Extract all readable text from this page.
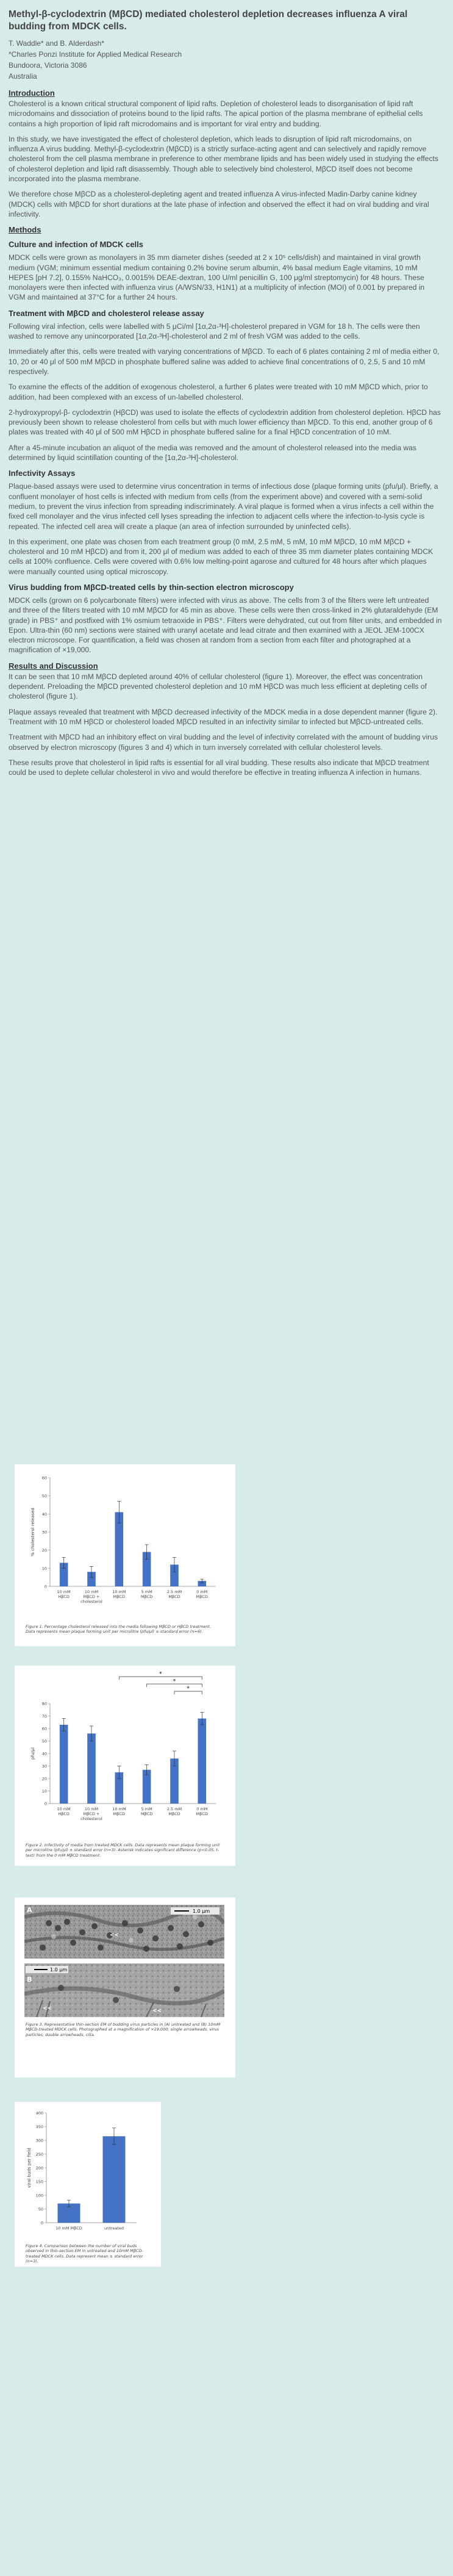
Methyl-β-cyclodextrin (MβCD) mediated cholesterol depletion decreases influenza A viral budding from MDCK cells.

T. Waddle* and B. Alderdash*

*Charles Ponzi Institute for Applied Medical Research

Bundoora, Victoria 3086

Australia

Introduction

Cholesterol is a known critical structural component of lipid rafts. Depletion of cholesterol leads to disorganisation of lipid raft microdomains and dissociation of proteins bound to the lipid rafts. The apical portion of the plasma membrane of epithelial cells contains a high proportion of lipid raft microdomains and is important for viral entry and budding.

In this study, we have investigated the effect of cholesterol depletion, which leads to disruption of lipid raft microdomains, on influenza A virus budding. Methyl-β-cyclodextrin (MβCD) is a strictly surface-acting agent and can selectively and rapidly remove cholesterol from the cell plasma membrane in preference to other membrane lipids and has been widely used in studying the effects of cholesterol depletion and lipid raft disassembly. Though able to selectively bind cholesterol, MβCD itself does not become incorporated into the plasma membrane.

We therefore chose MβCD as a cholesterol-depleting agent and treated influenza A virus-infected Madin-Darby canine kidney (MDCK) cells with MβCD for short durations at the late phase of infection and observed the effect it had on viral budding and viral infectivity.

Methods
Culture and infection of MDCK cells

MDCK cells were grown as monolayers in 35 mm diameter dishes (seeded at 2 x 10⁵ cells/dish) and maintained in viral growth medium (VGM; minimum essential medium containing 0.2% bovine serum albumin, 4% basal medium Eagle vitamins, 10 mM HEPES [pH 7.2], 0.155% NaHCO₃, 0.0015% DEAE-dextran, 100 U/ml penicillin G, 100 μg/ml streptomycin) for 48 hours. These monolayers were then infected with influenza virus (A/WSN/33, H1N1) at a multiplicity of infection (MOI) of 0.001 by prepared in VGM and maintained at 37°C for a further 24 hours.

Treatment with MβCD and cholesterol release assay

Following viral infection, cells were labelled with 5 μCi/ml [1α,2α-³H]-cholesterol prepared in VGM for 18 h. The cells were then washed to remove any unincorporated [1α,2α-³H]-cholesterol and 2 ml of fresh VGM was added to the cells.

Immediately after this, cells were treated with varying concentrations of MβCD. To each of 6 plates containing 2 ml of media either 0, 10, 20 or 40 μl of 500 mM MβCD in phosphate buffered saline was added to achieve final concentrations of 0, 2.5, 5 and 10 mM respectively.

To examine the effects of the addition of exogenous cholesterol, a further 6 plates were treated with 10 mM MβCD which, prior to addition, had been complexed with an excess of un-labelled cholesterol.

2-hydroxypropyl-β- cyclodextrin (HβCD) was used to isolate the effects of cyclodextrin addition from cholesterol depletion. HβCD has previously been shown to release cholesterol from cells but with much lower efficiency than MβCD. To this end, another group of 6 plates was treated with 40 μl of 500 mM HβCD in phosphate buffered saline for a final HβCD concentration of 10 mM.

After a 45-minute incubation an aliquot of the media was removed and the amount of cholesterol released into the media was determined by liquid scintillation counting of the [1α,2α-³H]-cholesterol.

Infectivity Assays

Plaque-based assays were used to determine virus concentration in terms of infectious dose (plaque forming units (pfu/μl). Briefly, a confluent monolayer of host cells is infected with medium from cells (from the experiment above) and covered with a semi-solid medium, to prevent the virus infection from spreading indiscriminately. A viral plaque is formed when a virus infects a cell within the fixed cell monolayer and the virus infected cell lyses spreading the infection to adjacent cells where the infection-to-lysis cycle is repeated. The infected cell area will create a plaque (an area of infection surrounded by uninfected cells).

In this experiment, one plate was chosen from each treatment group (0 mM, 2.5 mM, 5 mM, 10 mM MβCD, 10 mM MβCD + cholesterol and 10 mM HβCD) and from it, 200 μl of medium was added to each of three 35 mm diameter plates containing MDCK cells at 100% confluence. Cells were covered with 0.6% low melting-point agarose and cultured for 48 hours after which plaques were manually counted using optical microscopy.

Virus budding from MβCD-treated cells by thin-section electron microscopy

MDCK cells (grown on 6 polycarbonate filters) were infected with virus as above. The cells from 3 of the filters were left untreated and three of the filters treated with 10 mM MβCD for 45 min as above. These cells were then cross-linked in 2% glutaraldehyde (EM grade) in PBS⁺ and postfixed with 1% osmium tetraoxide in PBS⁺. Filters were dehydrated, cut out from filter units, and embedded in Epon. Ultra-thin (60 nm) sections were stained with uranyl acetate and lead citrate and then examined with a JEOL JEM-100CX electron microscope. For quantification, a field was chosen at random from a section from each filter and photographed at a magnification of ×19,000.

Results and Discussion

It can be seen that 10 mM MβCD depleted around 40% of cellular cholesterol (figure 1). Moreover, the effect was concentration dependent. Preloading the MβCD prevented cholesterol depletion and 10 mM HβCD was much less efficient at depleting cells of cholesterol (figure 1).

Plaque assays revealed that treatment with MβCD decreased infectivity of the MDCK media in a dose dependent manner (figure 2). Treatment with 10 mM HβCD or cholesterol loaded MβCD resulted in an infectivity similar to infected but MβCD-untreated cells.

Treatment with MβCD had an inhibitory effect on viral budding and the level of infectivity correlated with the amount of budding virus observed by electron microscopy (figures 3 and 4) which in turn inversely correlated with cellular cholesterol levels.

These results prove that cholesterol in lipid rafts is essential for all viral budding. These results also indicate that MβCD treatment could be used to deplete cellular cholesterol in vivo and would therefore be effective in treating influenza A infection in humans.

0
10
20
30
40
50
60
% cholesterol released
10 mM
HβCD
10 mM
MβCD +
cholesterol
10 mM
MβCD
5 mM
MβCD
2.5 mM
MβCD
0 mM
MβCD
Figure 1. Percentage cholesterol released into the media following MβCD or HβCD treatment. Data represents mean plaque forming unit per microlitre (pfu/μl) ± standard error (n=6).
0
10
20
30
40
50
60
70
80
pfu/μl
10 mM
HβCD
10 mM
MβCD +
cholesterol
10 mM
MβCD
5 mM
MβCD
2.5 mM
MβCD
0 mM
MβCD
*
*
*
Figure 2. Infectivity of media from treated MDCK cells. Data represents mean plaque forming unit per microlitre (pfu/μl) ± standard error (n=3). Asterisk indicates significant difference (p<0.05, t-test) from the 0 mM MβCD treatment.
1.0 μm
A
<<
1.0 μm
B
<<	<<
Figure 3. Representative thin-section EM of budding virus particles in (A) untreated and (B) 10mM MβCD-treated MDCK cells. Photographed at a magnification of ×19,000; single arrowheads, virus particles; double arrowheads, cilia.
0
50
100
150
200
250
300
350
400
viral buds per field
10 mM MβCD	untreated
Figure 4. Comparison between the number of viral buds observed in thin-section EM in untreated and 10mM MβCD-treated MDCK cells. Data represent mean ± standard error (n=3).
